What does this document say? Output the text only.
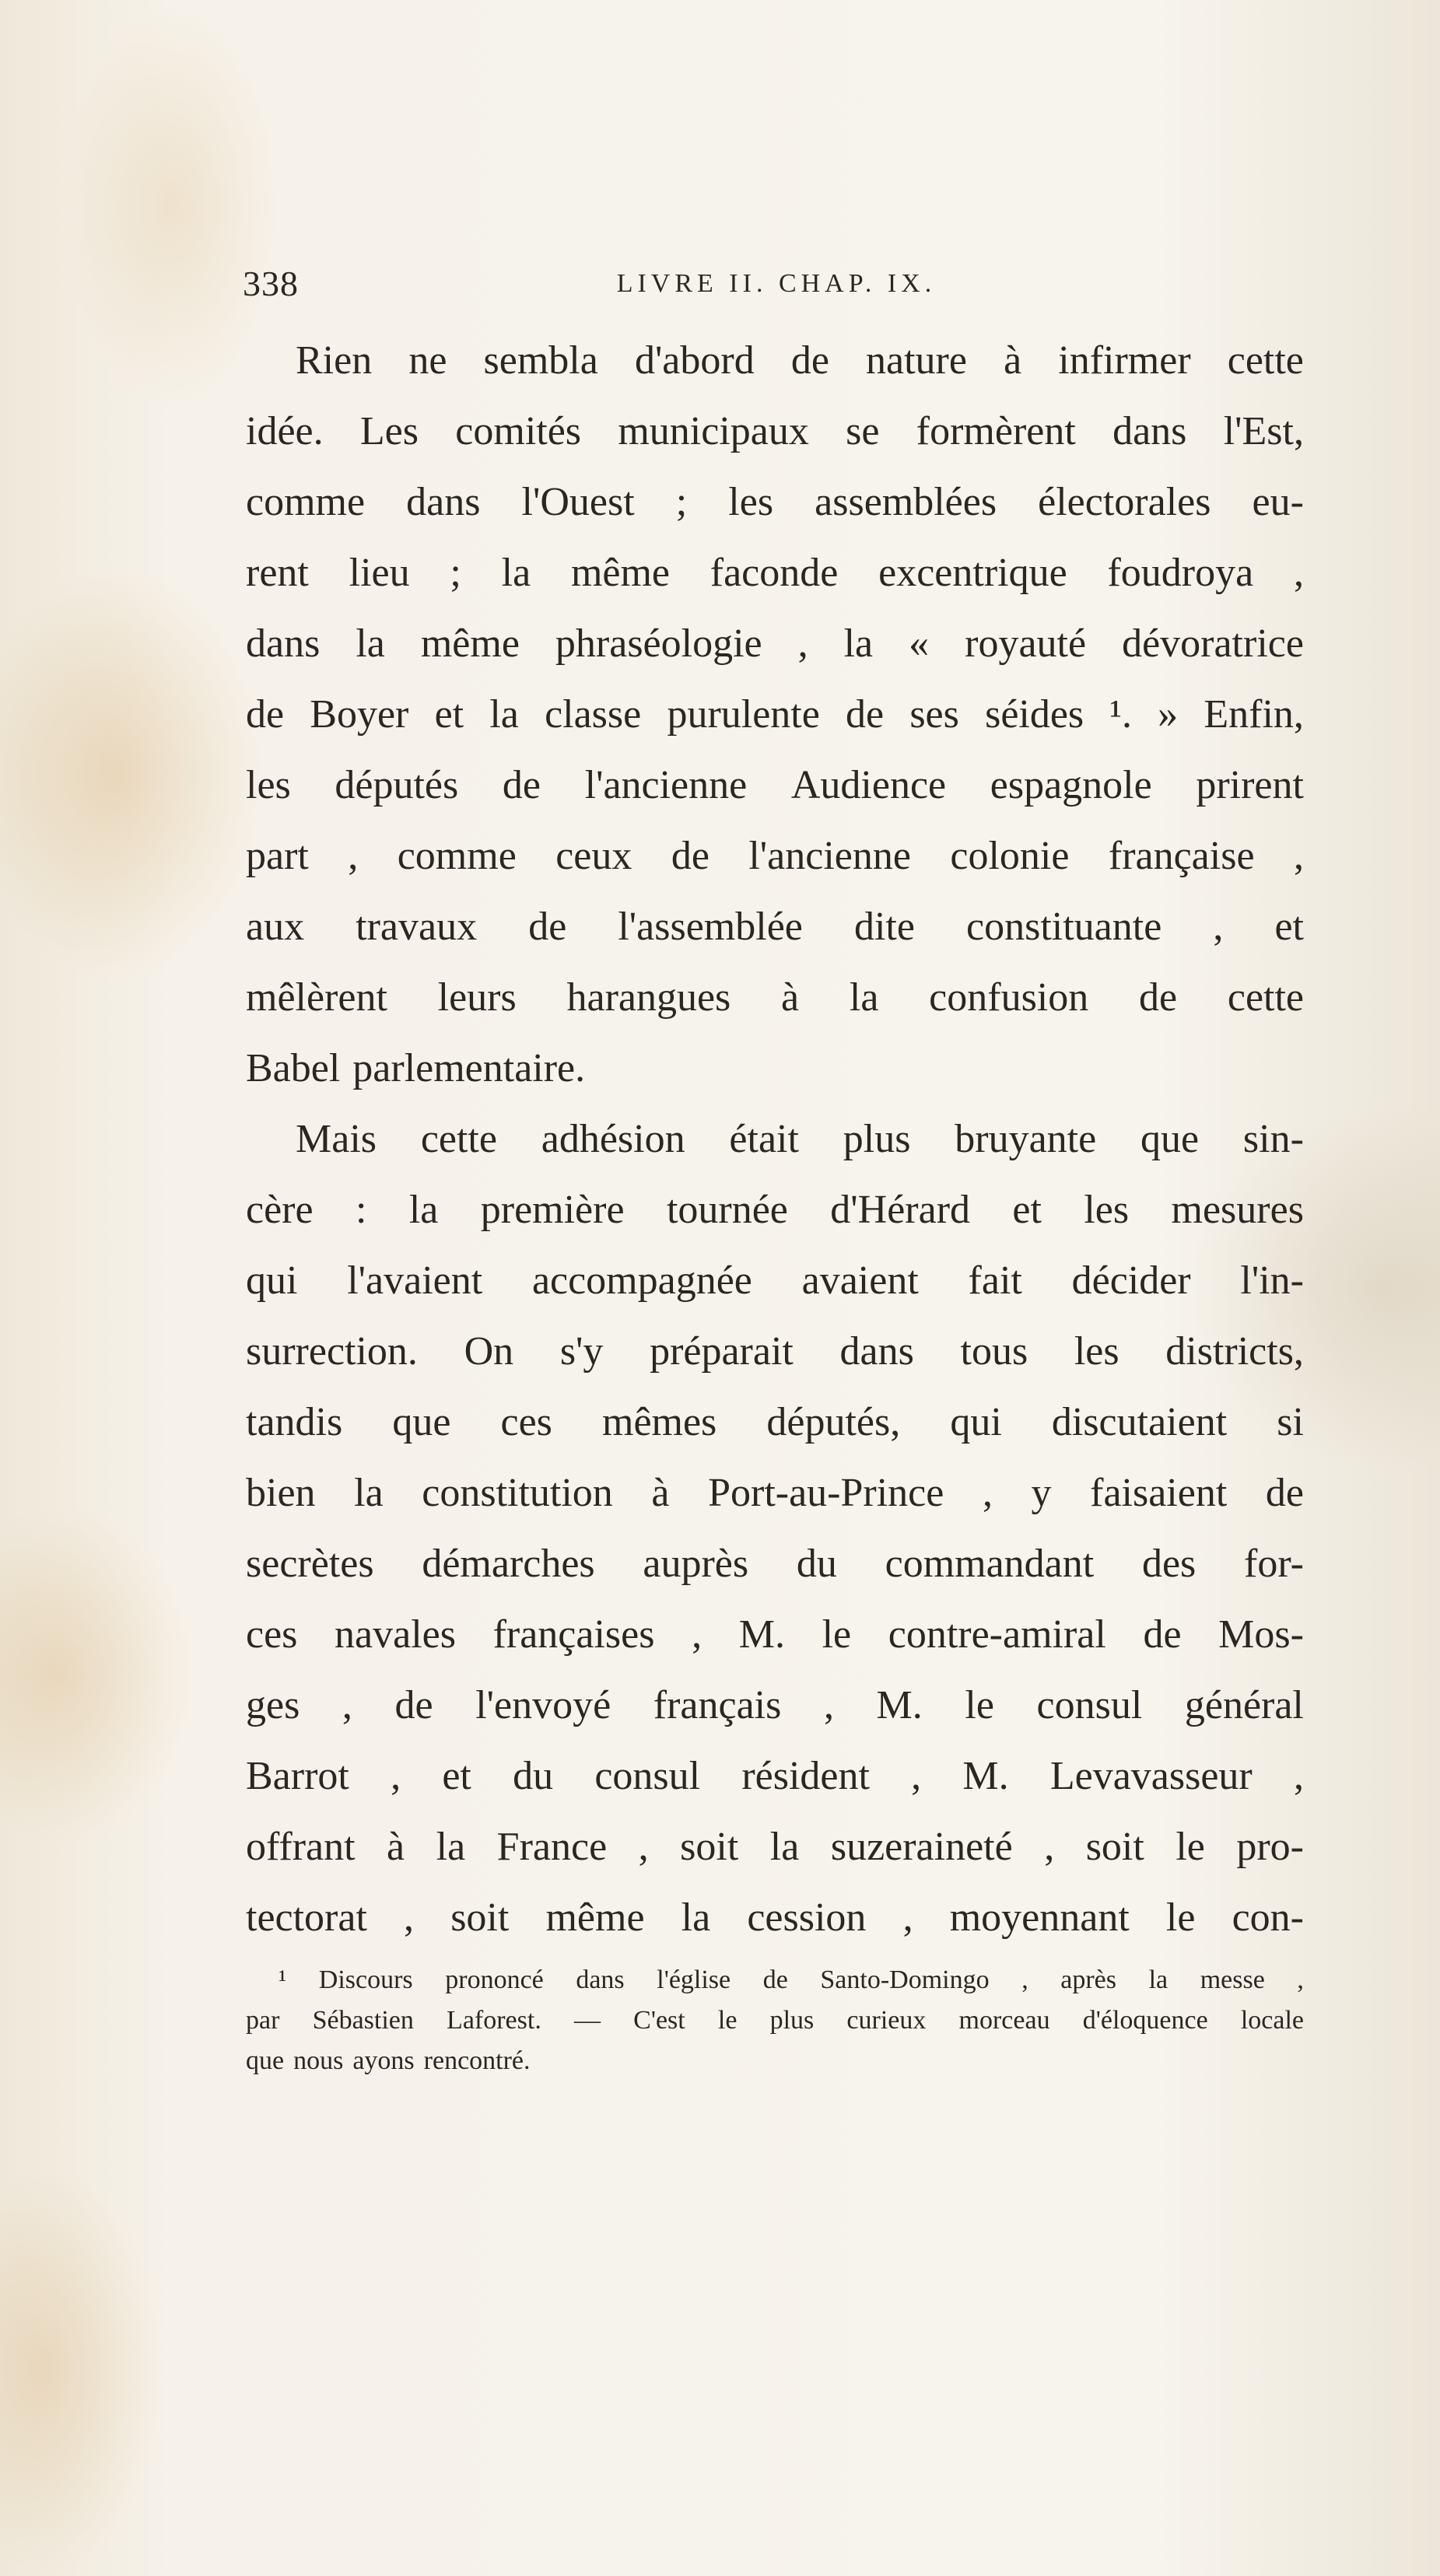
338	LIVRE II. CHAP. IX.
Rien ne sembla d'abord de nature à infirmer cette
idée. Les comités municipaux se formèrent dans l'Est,
comme dans l'Ouest ; les assemblées électorales eu-
rent lieu ; la même faconde excentrique foudroya ,
dans la même phraséologie , la « royauté dévoratrice
de Boyer et la classe purulente de ses séides ¹. » Enfin,
les députés de l'ancienne Audience espagnole prirent
part , comme ceux de l'ancienne colonie française ,
aux travaux de l'assemblée dite constituante , et
mêlèrent leurs harangues à la confusion de cette
Babel parlementaire.
Mais cette adhésion était plus bruyante que sin-
cère : la première tournée d'Hérard et les mesures
qui l'avaient accompagnée avaient fait décider l'in-
surrection. On s'y préparait dans tous les districts,
tandis que ces mêmes députés, qui discutaient si
bien la constitution à Port-au-Prince , y faisaient de
secrètes démarches auprès du commandant des for-
ces navales françaises , M. le contre-amiral de Mos-
ges , de l'envoyé français , M. le consul général
Barrot , et du consul résident , M. Levavasseur ,
offrant à la France , soit la suzeraineté , soit le pro-
tectorat , soit même la cession , moyennant le con-
¹ Discours prononcé dans l'église de Santo-Domingo , après la messe ,
par Sébastien Laforest. — C'est le plus curieux morceau d'éloquence locale
que nous ayons rencontré.
